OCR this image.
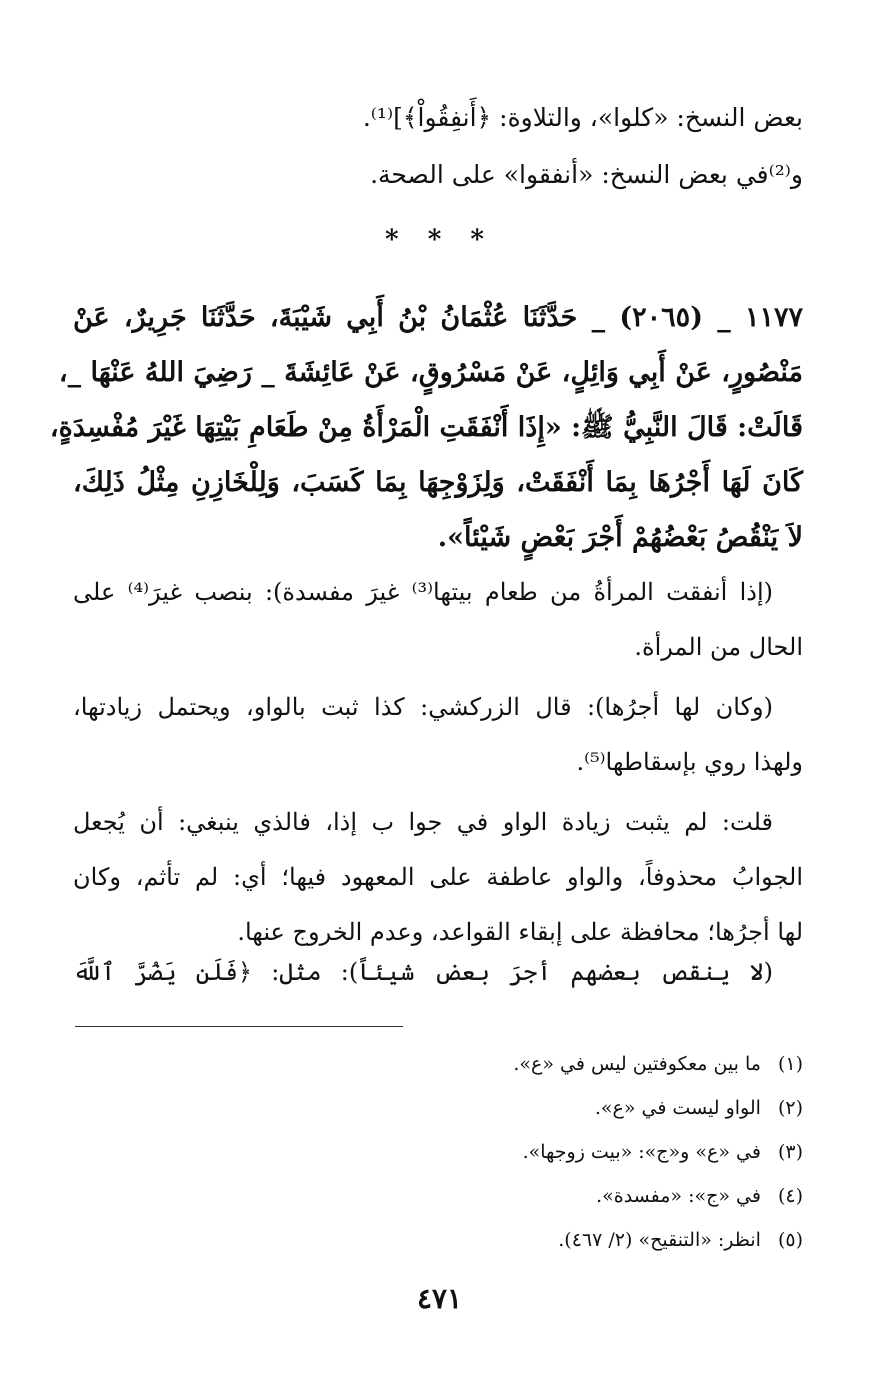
بعض النسخ: «كلوا»، والتلاوة: ﴿أَنفِقُواْ﴾]⁽¹⁾.
و⁽²⁾في بعض النسخ: «أنفقوا» على الصحة.
* * *
١١٧٧ _ (٢٠٦٥) _ حَدَّثَنَا عُثْمَانُ بْنُ أَبِي شَيْبَةَ، حَدَّثَنَا جَرِيرٌ، عَنْ
مَنْصُورٍ، عَنْ أَبِي وَائِلٍ، عَنْ مَسْرُوقٍ، عَنْ عَائِشَةَ _ رَضِيَ اللهُ عَنْهَا _،
قَالَتْ: قَالَ النَّبِيُّ ﷺ: «إِذَا أَنْفَقَتِ الْمَرْأَةُ مِنْ طَعَامِ بَيْتِهَا غَيْرَ مُفْسِدَةٍ،
كَانَ لَهَا أَجْرُهَا بِمَا أَنْفَقَتْ، وَلِزَوْجِهَا بِمَا كَسَبَ، وَلِلْخَازِنِ مِثْلُ ذَلِكَ،
لاَ يَنْقُصُ بَعْضُهُمْ أَجْرَ بَعْضٍ شَيْئاً».
(إذا أنفقت المرأةُ من طعام بيتها⁽³⁾ غيرَ مفسدة): بنصب غيرَ⁽⁴⁾ على
الحال من المرأة.
(وكان لها أجرُها): قال الزركشي: كذا ثبت بالواو، ويحتمل زيادتها،
ولهذا روي بإسقاطها⁽⁵⁾.
قلت: لم يثبت زيادة الواو في جوا ب إذا، فالذي ينبغي: أن يُجعل
الجوابُ محذوفاً، والواو عاطفة على المعهود فيها؛ أي: لم تأثم، وكان
لها أجرُها؛ محافظة على إبقاء القواعد، وعدم الخروج عنها.
(لا ينقص بعضهم أجرَ بعض شيئاً): مثل: ﴿فَلَن يَضُرَّ ٱللَّهَ
(١) ما بين معكوفتين ليس في «ع».
(٢) الواو ليست في «ع».
(٣) في «ع» و«ج»: «بيت زوجها».
(٤) في «ج»: «مفسدة».
(٥) انظر: «التنقيح» (٢/ ٤٦٧).
٤٧١
